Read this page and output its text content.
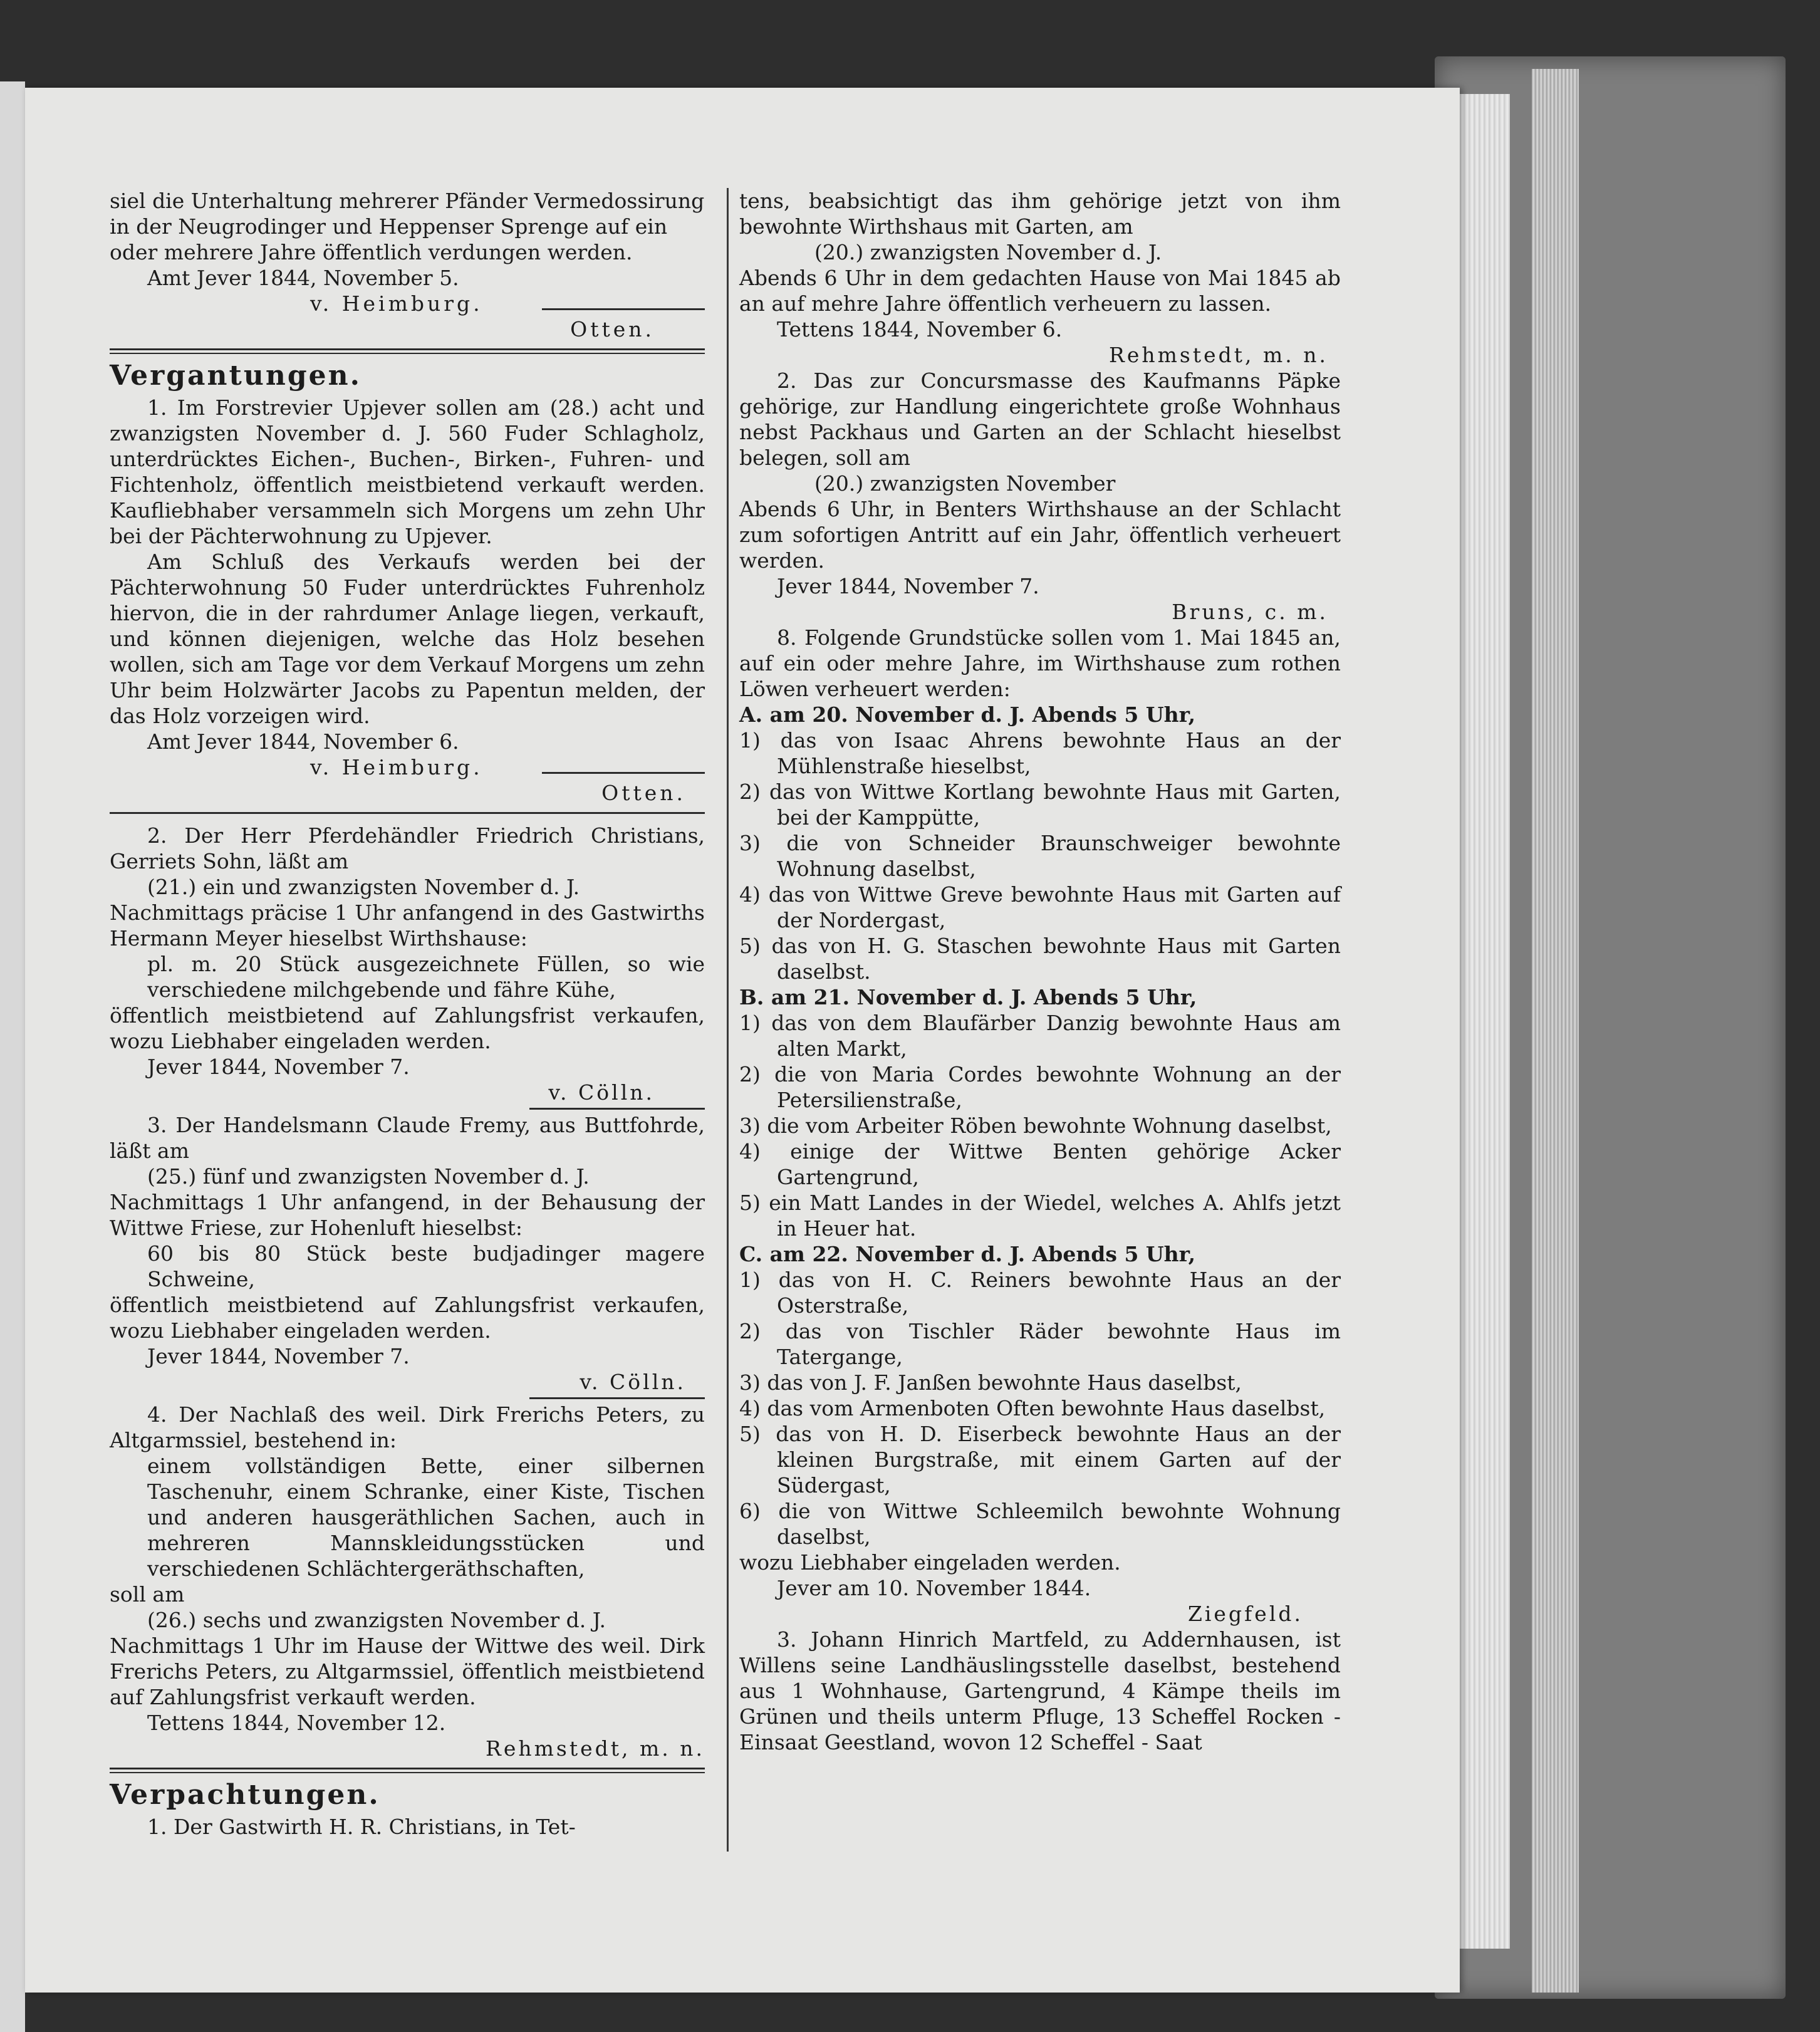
siel die Unterhaltung mehrerer Pfänder Vermedossirung

in der Neugrodinger und Heppenser Sprenge auf ein

oder mehrere Jahre öffentlich verdungen werden.

Amt Jever 1844, November 5.

v. Heimburg.

Otten.

Vergantungen.

1. Im Forstrevier Upjever sollen am (28.) acht und zwanzigsten November d. J. 560 Fuder Schlagholz, unterdrücktes Eichen-, Buchen-, Birken-, Fuhren- und Fichtenholz, öffentlich meistbietend verkauft werden. Kaufliebhaber versammeln sich Morgens um zehn Uhr bei der Pächterwohnung zu Upjever.

Am Schluß des Verkaufs werden bei der Pächterwohnung 50 Fuder unterdrücktes Fuhrenholz hiervon, die in der rahrdumer Anlage liegen, verkauft, und können diejenigen, welche das Holz besehen wollen, sich am Tage vor dem Verkauf Morgens um zehn Uhr beim Holzwärter Jacobs zu Papentun melden, der das Holz vorzeigen wird.

Amt Jever 1844, November 6.

v. Heimburg.

Otten.

2. Der Herr Pferdehändler Friedrich Christians, Gerriets Sohn, läßt am

(21.) ein und zwanzigsten November d. J.

Nachmittags präcise 1 Uhr anfangend in des Gastwirths Hermann Meyer hieselbst Wirthshause:

pl. m. 20 Stück ausgezeichnete Füllen, so wie verschiedene milchgebende und fähre Kühe,

öffentlich meistbietend auf Zahlungsfrist verkaufen, wozu Liebhaber eingeladen werden.

Jever 1844, November 7.

v. Cölln.

3. Der Handelsmann Claude Fremy, aus Buttfohrde, läßt am

(25.) fünf und zwanzigsten November d. J.

Nachmittags 1 Uhr anfangend, in der Behausung der Wittwe Friese, zur Hohenluft hieselbst:

60 bis 80 Stück beste budjadinger magere Schweine,

öffentlich meistbietend auf Zahlungsfrist verkaufen, wozu Liebhaber eingeladen werden.

Jever 1844, November 7.

v. Cölln.

4. Der Nachlaß des weil. Dirk Frerichs Peters, zu Altgarmssiel, bestehend in:

einem vollständigen Bette, einer silbernen Taschenuhr, einem Schranke, einer Kiste, Tischen und anderen hausgeräthlichen Sachen, auch in mehreren Mannskleidungsstücken und verschiedenen Schlächtergeräthschaften,

soll am

(26.) sechs und zwanzigsten November d. J.

Nachmittags 1 Uhr im Hause der Wittwe des weil. Dirk Frerichs Peters, zu Altgarmssiel, öffentlich meistbietend auf Zahlungsfrist verkauft werden.

Tettens 1844, November 12.

Rehmstedt, m. n.

Verpachtungen.

1. Der Gastwirth H. R. Christians, in Tet-

tens, beabsichtigt das ihm gehörige jetzt von ihm bewohnte Wirthshaus mit Garten, am

(20.) zwanzigsten November d. J.

Abends 6 Uhr in dem gedachten Hause von Mai 1845 ab an auf mehre Jahre öffentlich verheuern zu lassen.

Tettens 1844, November 6.

Rehmstedt, m. n.

2. Das zur Concursmasse des Kaufmanns Päpke gehörige, zur Handlung eingerichtete große Wohnhaus nebst Packhaus und Garten an der Schlacht hieselbst belegen, soll am

(20.) zwanzigsten November

Abends 6 Uhr, in Benters Wirthshause an der Schlacht zum sofortigen Antritt auf ein Jahr, öffentlich verheuert werden.

Jever 1844, November 7.

Bruns, c. m.

8. Folgende Grundstücke sollen vom 1. Mai 1845 an, auf ein oder mehre Jahre, im Wirthshause zum rothen Löwen verheuert werden:

A. am 20. November d. J. Abends 5 Uhr,

1) das von Isaac Ahrens bewohnte Haus an der Mühlenstraße hieselbst,

2) das von Wittwe Kortlang bewohnte Haus mit Garten, bei der Kamppütte,

3) die von Schneider Braunschweiger bewohnte Wohnung daselbst,

4) das von Wittwe Greve bewohnte Haus mit Garten auf der Nordergast,

5) das von H. G. Staschen bewohnte Haus mit Garten daselbst.

B. am 21. November d. J. Abends 5 Uhr,

1) das von dem Blaufärber Danzig bewohnte Haus am alten Markt,

2) die von Maria Cordes bewohnte Wohnung an der Petersilienstraße,

3) die vom Arbeiter Röben bewohnte Wohnung daselbst,

4) einige der Wittwe Benten gehörige Acker Gartengrund,

5) ein Matt Landes in der Wiedel, welches A. Ahlfs jetzt in Heuer hat.

C. am 22. November d. J. Abends 5 Uhr,

1) das von H. C. Reiners bewohnte Haus an der Osterstraße,

2) das von Tischler Räder bewohnte Haus im Tatergange,

3) das von J. F. Janßen bewohnte Haus daselbst,

4) das vom Armenboten Often bewohnte Haus daselbst,

5) das von H. D. Eiserbeck bewohnte Haus an der kleinen Burgstraße, mit einem Garten auf der Südergast,

6) die von Wittwe Schleemilch bewohnte Wohnung daselbst,

wozu Liebhaber eingeladen werden.

Jever am 10. November 1844.

Ziegfeld.

3. Johann Hinrich Martfeld, zu Addernhausen, ist Willens seine Landhäuslingsstelle daselbst, bestehend aus 1 Wohnhause, Gartengrund, 4 Kämpe theils im Grünen und theils unterm Pfluge, 13 Scheffel Rocken - Einsaat Geestland, wovon 12 Scheffel - Saat
